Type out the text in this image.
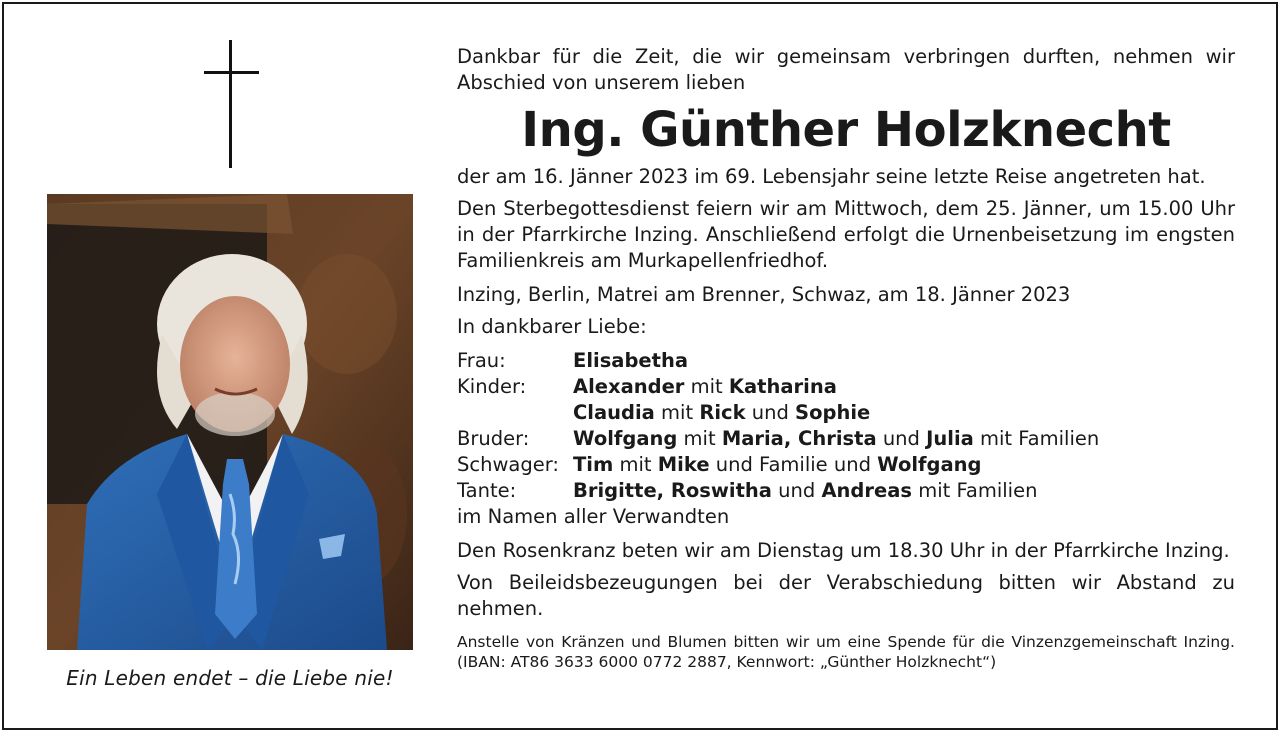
Ein Leben endet – die Liebe nie!

Dankbar für die Zeit, die wir gemeinsam verbringen durften, nehmen wir Abschied von unserem lieben

Ing. Günther Holzknecht

der am 16. Jänner 2023 im 69. Lebensjahr seine letzte Reise angetreten hat.

Den Sterbegottesdienst feiern wir am Mittwoch, dem 25. Jänner, um 15.00 Uhr in der Pfarrkirche Inzing. Anschließend erfolgt die Urnenbeisetzung im engsten Familienkreis am Murkapellenfriedhof.

Inzing, Berlin, Matrei am Brenner, Schwaz, am 18. Jänner 2023

In dankbarer Liebe:

Frau:	Elisabetha
Kinder:	Alexander mit Katharina
Claudia mit Rick und Sophie
Bruder:	Wolfgang mit Maria, Christa und Julia mit Familien
Schwager: Tim mit Mike und Familie und Wolfgang
Tante:	Brigitte, Roswitha und Andreas mit Familien
im Namen aller Verwandten

Den Rosenkranz beten wir am Dienstag um 18.30 Uhr in der Pfarrkirche Inzing.

Von Beileidsbezeugungen bei der Verabschiedung bitten wir Abstand zu nehmen.

Anstelle von Kränzen und Blumen bitten wir um eine Spende für die Vinzenzgemeinschaft Inzing. (IBAN: AT86 3633 6000 0772 2887, Kennwort: „Günther Holzknecht“)
